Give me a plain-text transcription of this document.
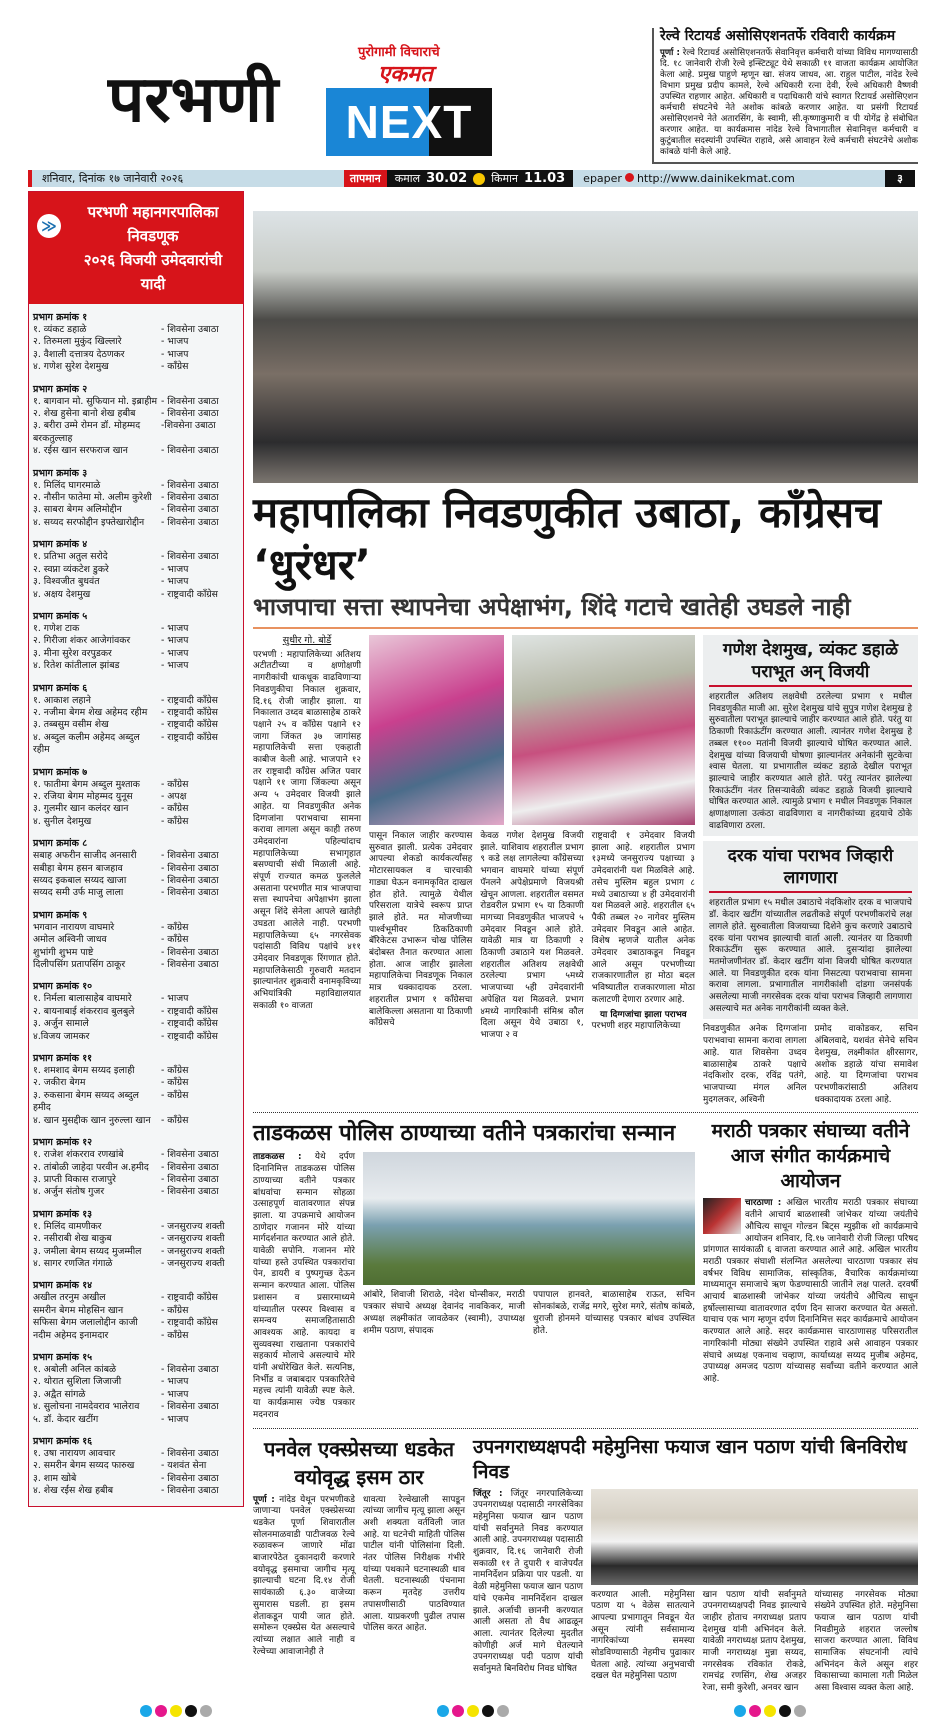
पुरोगामी विचाराचे
एकमत
परभणी	NEXT
रेल्वे रिटायर्ड असोसिएशनतर्फे रविवारी कार्यक्रम

पूर्णा : रेल्वे रिटायर्ड असोसिएशनतर्फे सेवानिवृत्त कर्मचारी यांच्या विविध मागण्यासाठी दि. १८ जानेवारी रोजी रेल्वे इन्स्टिट्यूट येथे सकाळी ११ वाजता कार्यक्रम आयोजित केला आहे. प्रमुख पाहुणे म्हणून खा. संजय जाधव, आ. राहुल पाटील, नांदेड रेल्वे विभाग प्रमुख प्रदीप कामले, रेल्वे अधिकारी रत्ना देवी, रेल्वे अधिकारी वैष्णवी उपस्थित राहणार आहेत. अधिकारी व पदाधिकारी यांचे स्वागत रिटायर्ड असोसिएशन कर्मचारी संघटनेचे नेते अशोक कांबळे करणार आहेत. या प्रसंगी रिटायर्ड असोसिएशनचे नेते अतारसिंग, के स्वामी, सी.कृष्णाकुमारी व पी योगेंद्र हे संबोधित करणार आहेत. या कार्यक्रमास नांदेड रेल्वे विभागातील सेवानिवृत्त कर्मचारी व कुटुंबातील सदस्यांनी उपस्थित राहावे, असे आवाहन रेल्वे कर्मचारी संघटनेचे अशोक कांबळे यांनी केले आहे.

शनिवार, दिनांक १७ जानेवारी २०२६	तापमान	कमाल 30.02 किमान 11.03	epaper http://www.dainikekmat.com	३
≫
परभणी महानगरपालिका निवडणूक
२०२६ विजयी उमेदवारांची यादी
प्रभाग क्रमांक १
१. व्यंकट डहाळे	- शिवसेना उबाठा
२. तिरुमला मुकुंद खिल्लारे	- भाजप
३. वैशाली दत्तात्रय देठणकर	- भाजप
४. गणेश सुरेश देशमुख	- काँग्रेस
प्रभाग क्रमांक २
१. बागवान मो. सुफियान मो. इब्राहीम - शिवसेना उबाठा
२. शेख हुसेना बानो शेख हबीब	- शिवसेना उबाठा
३. बरीरा उम्मे रोमन डॉ. मोहम्मद बरकतुल्लाह
-शिवसेना उबाठा
४. रईस खान सरफराज खान	- शिवसेना उबाठा
प्रभाग क्रमांक ३
१. मिलिंद घागरमाळे	- शिवसेना उबाठा
२. नौसीन फातेमा मो. अलीम कुरेशी - शिवसेना उबाठा
३. साबरा बेगम अलिमोद्दीन	- शिवसेना उबाठा
४. सय्यद सरफोद्दीन इफ्तेखारोद्दीन	- शिवसेना उबाठा
प्रभाग क्रमांक ४
१. प्रतिभा अतुल सरोदे	- शिवसेना उबाठा
२. स्वप्ना व्यंकटेश डुकरे	- भाजप
३. विश्वजीत बुधवंत	- भाजप
४. अक्षय देशमुख	- राष्ट्रवादी काँग्रेस
प्रभाग क्रमांक ५
१. गणेश टाक	- भाजप
२. गिरीजा शंकर आजेगांवकर	- भाजप
३. मीना सुरेश वरपुडकर	- भाजप
४. रितेश कांतीलाल झांबड	- भाजप
प्रभाग क्रमांक ६
१. आकाश लहाने	- राष्ट्रवादी काँग्रेस
२. नजीमा बेगम शेख अहेमद रहीम	- राष्ट्रवादी काँग्रेस
३. तब्बसुम वसीम शेख	- राष्ट्रवादी काँग्रेस
४. अब्दुल कलीम अहेमद अब्दुल रहीम
- राष्ट्रवादी काँग्रेस
प्रभाग क्रमांक ७
१. फातीमा बेगम अब्दुल मुश्ताक	- काँग्रेस
२. रजिया बेगम मोहम्मद युनूस	- अपक्ष
३. गुलमीर खान कलंदर खान	- काँग्रेस
४. सुनील देशमुख	- काँग्रेस
प्रभाग क्रमांक ८
सबाह अफरीन साजीद अनसारी	- शिवसेना उबाठा
सबीहा बेगम हसन बाजहाव	- शिवसेना उबाठा
सय्यद इकबाल सय्यद खाजा	- शिवसेना उबाठा
सय्यद समी उर्फ माजु लाला	- शिवसेना उबाठा
प्रभाग क्रमांक ९
भगवान नारायण वाघमारे	- काँग्रेस
अमोल अश्विनी जाधव	- काँग्रेस
शुभांगी शुभम पाष्टे	- शिवसेना उबाठा
दिलीपसिंग प्रतापसिंग ठाकूर	- शिवसेना उबाठा
प्रभाग क्रमांक १०
१. निर्मला बालासाहेब वाघमारे	- भाजप
२. बायनाबाई शंकरराव बुलबुले	- राष्ट्रवादी काँग्रेस
३. अर्जुन सामाले	- राष्ट्रवादी काँग्रेस
४.विजय जामकर	- राष्ट्रवादी काँग्रेस
प्रभाग क्रमांक ११
१. शमशाद बेगम सय्यद इलाही	- काँग्रेस
२. जकीरा बेगम	- काँग्रेस
३. रुकसाना बेगम सय्यद अब्दुल हमीद
- काँग्रेस
४. खान मुसद्दीक खान नुरुल्ला खान	- काँग्रेस
प्रभाग क्रमांक १२
१. राजेश शंकरराव रणखांबे	- शिवसेना उबाठा
२. तांबोळी जाहेदा परवीन अ.हमीद	- शिवसेना उबाठा
३. प्राप्ती विकास राजापुरे	- शिवसेना उबाठा
४. अर्जुन संतोष गुजर	- शिवसेना उबाठा
प्रभाग क्रमांक १३
१. मिलिंद वामणीकर	- जनसुराज्य शक्ती
२. नसीराबी शेख बाकुब	- जनसुराज्य शक्ती
३. जमीला बेगम सय्यद मुजम्मील	- जनसुराज्य शक्ती
४. सागर रणजित गंगाळे	- जनसुराज्य शक्ती
प्रभाग क्रमांक १४
अखील तरनुम अखील	- राष्ट्रवादी काँग्रेस
समरीन बेगम मोहसिन खान	- काँग्रेस
सफिसा बेगम जलालोद्दीन काजी	- राष्ट्रवादी काँग्रेस
नदीम अहेमद इनामदार	- काँग्रेस
प्रभाग क्रमांक १५
१. अबोली अनिल कांबळे	- शिवसेना उबाठा
२. थोरात सुशिला जिजाजी	- भाजप
३. अद्वैत सांगळे	- भाजप
४. सुलोचना नामदेवराव भालेराव	- शिवसेना उबाठा
५. डॉ. केदार खटींग	- भाजप
प्रभाग क्रमांक १६
१. उषा नारायण आवचार	- शिवसेना उबाठा
२. समरीन बेगम सय्यद फारुख	- यशवंत सेना
३. शाम खोबे	- शिवसेना उबाठा
४. शेख रईस शेख हबीब	- शिवसेना उबाठा
महापालिका निवडणुकीत उबाठा, काँग्रेसच ‘धुरंधर’
भाजपाचा सत्ता स्थापनेचा अपेक्षाभंग, शिंदे गटाचे खातेही उघडले नाही
सुधीर गो. बोर्डे
परभणी : महापालिकेच्या अतिशय अटीतटीच्या व क्षणोक्षणी नागरीकांची धाकधूक वाढविणाऱ्या निवडणुकीचा निकाल शुक्रवार, दि.१६ रोजी जाहीर झाला. या निकालात उध्दव बाळासाहेब ठाकरे पक्षाने २५ व काँग्रेस पक्षाने १२ जागा जिंकत ३७ जागांसह महापालिकेची सत्ता एकहाती काबीज केली आहे. भाजपाने १२ तर राष्ट्रवादी काँग्रेस अजित पवार पक्षाने ११ जागा जिंकल्या असून अन्य ५ उमेदवार विजयी झाले आहेत. या निवडणुकीत अनेक दिग्गजांना पराभवाचा सामना करावा लागला असून काही तरुण उमेदवारांना पहिल्यांदाच महापालिकेच्या सभागृहात बसण्याची संधी मिळाली आहे. संपूर्ण राज्यात कमळ फुललेले असताना परभणीत मात्र भाजपाचा सत्ता स्थापनेचा अपेक्षाभंग झाला असून शिंदे सेनेला आपले खातेही उघडता आलेले नाही. परभणी महापालिकेच्या ६५ नगरसेवक पदांसाठी विविध पक्षांचे ४११ उमेदवार निवडणूक रिंगणात होते. महापालिकेसाठी गुरुवारी मतदान झाल्यानंतर शुक्रवारी वनामकृविच्या अभियांत्रिकी महाविद्यालयात सकाळी १० वाजता
पासून निकाल जाहीर करण्यास सुरुवात झाली. प्रत्येक उमेदवार आपल्या शेकडो कार्यकर्त्यांसह मोटारसायकल व चारचाकी गाड्या घेऊन वनामकृवित दाखल होत होते. त्यामुळे येथील परिसराला यात्रेचे स्वरूप प्राप्त झाले होते. मत मोजणीच्या पार्श्वभूमीवर ठिकठिकाणी बॅरिकेटस उभारून चोख पोलिस बंदोबस्त तैनात करण्यात आला होता. आज जाहीर झालेला महापालिकेचा निवडणूक निकाल मात्र धक्कादायक ठरला. शहरातील प्रभाग १ काँग्रेसचा बालेकिल्ला असताना या ठिकाणी काँग्रेसचे
केवळ गणेश देशमुख विजयी झाले. याशिवाय शहरातील प्रभाग ९ कडे लक्ष लागलेल्या काँग्रेसच्या भगवान वाघमारे यांच्या संपूर्ण पॅनलने अपेक्षेप्रमाणे विजयश्री खेचून आणला. शहरातील वसमत रोडवरील प्रभाग १५ या ठिकाणी मागच्या निवडणुकीत भाजपचे ५ उमेदवार निवडून आले होते. यावेळी मात्र या ठिकाणी २ ठिकाणी उबाठाने यश मिळवले. शहरातील अतिशय लक्षवेधी ठरलेल्या प्रभाग ५मध्ये भाजपाच्या ५ही उमेदवारांनी अपेक्षित यश मिळवले. प्रभाग ४मध्ये नागरिकांनी संमिश्र कौल दिला असून येथे उबाठा १, भाजपा २ व
राष्ट्रवादी १ उमेदवार विजयी झाला आहे. शहरातील प्रभाग १३मध्ये जनसुराज्य पक्षाच्या ३ उमेदवारांनी यश मिळविले आहे. तसेच मुस्लिम बहुल प्रभाग ८ मध्ये उबाठाच्या ४ ही उमेदवारांनी यश मिळवले आहे. शहरातील ६५ पैकी तब्बल २० नागेवर मुस्लिम उमेदवार निवडून आले आहेत. विशेष म्हणजे यातील अनेक उमेदवार उबाठाकडून निवडून आले असून परभणीच्या राजकारणातील हा मोठा बदल भविष्यातील राजकारणाला मोठा कलाटणी देणारा ठरणार आहे.
या दिग्गजांचा झाला पराभव
परभणी शहर महापालिकेच्या
गणेश देशमुख, व्यंकट डहाळे पराभूत अन् विजयी
शहरातील अतिशय लक्षवेधी ठरलेल्या प्रभाग १ मधील निवडणुकीत माजी आ. सुरेश देशमुख यांचे सुपुत्र गणेश देशमुख हे सुरुवातीला पराभूत झाल्याचे जाहीर करण्यात आले होते. परंतु या ठिकाणी रिकाऊंटींग करण्यात आली. त्यानंतर गणेश देशमुख हे तब्बल ११०० मतांनी विजयी झाल्याचे घोषित करण्यात आले. देशमुख यांच्या विजयाची घोषणा झाल्यानंतर अनेकांनी सुटकेचा श्वास घेतला. या प्रभागातील व्यंकट डहाळे देखील पराभूत झाल्याचे जाहीर करण्यात आले होते. परंतु त्यानंतर झालेल्या रिकाऊंटींग नंतर तिसऱ्यावेळी व्यंकट डहाळे विजयी झाल्याचे घोषित करण्यात आले. त्यामुळे प्रभाग १ मधील निवडणूक निकाल क्षणाक्षणाला उत्कंठा वाढविणारा व नागरीकांच्या हृदयाचे ठोके वाढविणारा ठरला.
दरक यांचा पराभव जिव्हारी लागणारा
शहरातील प्रभाग १५ मधील उबाठाचे नंदकिशोर दरक व भाजपाचे डॉ. केदार खटींग यांच्यातील लढतीकडे संपूर्ण परभणीकरांचे लक्ष लागले होते. सुरुवातीला विजयाच्या दिशेने कुच करणारे उबाठाचे दरक यांना पराभव झाल्याची वार्ता आली. त्यानंतर या ठिकाणी रिकाऊंटींग सुरू करण्यात आले. दुसऱ्यांदा झालेल्या मतमोजणीनंतर डॉ. केदार खटींग यांना विजयी घोषित करण्यात आले. या निवडणुकीत दरक यांना निसटत्या पराभवाचा सामना करावा लागला. प्रभागातील नागरीकांशी दांडगा जनसंपर्क असलेल्या माजी नगरसेवक दरक यांचा पराभव जिव्हारी लागणारा असल्याचे मत अनेक नागरीकांनी व्यक्त केले.
निवडणुकीत अनेक दिग्गजांना पराभवाचा सामना करावा लागला आहे. यात शिवसेना उध्दव बाळासाहेब ठाकरे पक्षाचे नंदकिशोर दरक, रविंद्र पतंगे, भाजपाच्या मंगल अनिल मुदगलकर, अश्विनी
प्रमोद वाकोडकर, सचिन अंबिलवादे, यशवंत सेनेचे सचिन देशमुख, लक्ष्मीकांत क्षीरसागर, अशोक डहाळे यांचा समावेश आहे. या दिग्गजांचा पराभव परभणीकरांसाठी अतिशय धक्कादायक ठरला आहे.
ताडकळस पोलिस ठाण्याच्या वतीने पत्रकारांचा सन्मान
ताडकळस : येथे दर्पण दिनानिमित्त ताडकळस पोलिस ठाण्याच्या वतीने पत्रकार बांधवांचा सन्मान सोहळा उत्साहपूर्ण वातावरणात संपन्न झाला. या उपक्रमाचे आयोजन ठाणेदार गजानन मोरे यांच्या मार्गदर्शनात करण्यात आले होते. यावेळी सपोनि. गजानन मोरे यांच्या हस्ते उपस्थित पत्रकारांचा पेन, डायरी व पुष्पगुच्छ देऊन सन्मान करण्यात आला. पोलिस प्रशासन व प्रसारमाध्यमे यांच्यातील परस्पर विश्वास व समन्वय समाजहितासाठी आवश्यक आहे. कायदा व सुव्यवस्था राखताना पत्रकारांचे सहकार्य मोलाचे असल्याचे मोरे यांनी अधोरेखित केले. सत्यनिष्ठ, निर्भीड व जबाबदार पत्रकारितेचे महत्त्व त्यांनी यावेळी स्पष्ट केले. या कार्यक्रमास ज्येष्ठ पत्रकार मदनराव
आंबोरे, शिवाजी शिराळे, नंदेश घोन्सीकर, मराठी पत्रकार संघाचे अध्यक्ष देवानंद नावकिकर, माजी अध्यक्ष लक्ष्मीकांत जावळेकर (स्वामी), उपाध्यक्ष शमीम पठाण, संपादक
पपापाल हानवते, बाळासाहेब राऊत, सचिन सोनकांबळे, राजेंद्र मगरे, सुरेश मगरे, संतोष कांबळे, धुराजी होनमने यांच्यासह पत्रकार बांधव उपस्थित होते.
मराठी पत्रकार संघाच्या वतीने
आज संगीत कार्यक्रमाचे आयोजन
चारठाणा : अखिल भारतीय मराठी पत्रकार संघाच्या वतीने आचार्य बाळशास्त्री जांभेकर यांच्या जयंतीचे औचित्य साधून गोल्डन बिट्स म्युझीक शो कार्यक्रमाचे आयोजन शनिवार, दि.१७ जानेवारी रोजी जिल्हा परिषद प्रांगणात सायंकाळी ६ वाजता करण्यात आले आहे. अखिल भारतीय मराठी पत्रकार संघाशी संलग्नित असलेल्या चारठाणा पत्रकार संघ वर्षभर विविध सामाजिक, सांस्कृतिक, वैचारिक कार्यक्रमांच्या माध्यमातून समाजाचे ऋण फेडण्यासाठी जातीने लक्ष पालते. दरवर्षी आचार्य बाळशास्त्री जांभेकर यांच्या जयंतीचे औचित्य साधून हर्षोल्लासाच्या वातावरणात दर्पण दिन साजरा करण्यात येत असतो. याचाच एक भाग म्हणून दर्पण दिनानिमित्त सदर कार्यक्रमाचे आयोजन करण्यात आले आहे. सदर कार्यक्रमास चारठाणासह परिसरातील नागरिकांनी मोठ्या संख्येने उपस्थित राहावे असे आवाहन पत्रकार संघाचे अध्यक्ष एकनाथ चव्हाण, कार्याध्यक्ष सय्यद मुजीब अहेमद, उपाध्यक्ष अमजद पठाण यांच्यासह सर्वांच्या वतीने करण्यात आले आहे.
पनवेल एक्स्प्रेसच्या धडकेत
वयोवृद्ध इसम ठार
पूर्णा : नांदेड येथून परभणीकडे जाणाऱ्या पनवेल एक्स्प्रेसच्या धडकेत पूर्णा शिवारातील सोलनमाळवाडी पाटीजवळ रेल्वे रुळावरून जाणारे मोंढा बाजारपेठेत दुकानदारी करणारे वयोवृद्ध इसमाचा जागीच मृत्यू झाल्याची घटना दि.१४ रोजी सायंकाळी ६.३० वाजेच्या सुमारास घडली. हा इसम शेताकडून पायी जात होते. समोरून एक्स्प्रेस येत असल्याचे त्यांच्या लक्षात आले नाही व रेल्वेच्या आवाजानेही ते
धावत्या रेल्वेखाली सापडून त्यांच्या जागीच मृत्यू झाला असून अशी शक्यता वर्तविली जात आहे. या घटनेची माहिती पोलिस पाटील यांनी पोलिसांना दिली. नंतर पोलिस निरीक्षक गंभीरे यांच्या पथकाने घटनास्थळी धाव घेतली. घटनास्थळी पंचनामा करून मृतदेह उत्तरीय तपासणीसाठी पाठविण्यात आला. याप्रकरणी पुढील तपास पोलिस करत आहेत.
उपनगराध्यक्षपदी महेमुनिसा फयाज खान पठाण यांची बिनविरोध निवड
जिंतूर : जिंतूर नगरपालिकेच्या उपनगराध्यक्ष पदासाठी नगरसेविका महेमुनिसा फयाज खान पठाण यांची सर्वानुमते निवड करण्यात आली आहे. उपनगराध्यक्ष पदासाठी शुक्रवार, दि.१६ जानेवारी रोजी सकाळी ११ ते दुपारी १ वाजेपर्यंत नामनिर्देशन प्रक्रिया पार पडली. या वेळी महेमुनिसा फयाज खान पठाण यांचे एकमेव नामनिर्देशन दाखल झाले. अर्जाची छाननी करण्यात आली असता तो वैध आढळून आला. त्यानंतर दिलेल्या मुदतीत कोणीही अर्ज मागे घेतल्याने उपनगराध्यक्ष पदी पठाण यांची सर्वानुमते बिनविरोध निवड घोषित
करण्यात आली. महेमुनिसा पठाण या ५ वेळेस सातत्याने आपल्या प्रभागातून निवडून येत असून त्यांनी सर्वसामान्य नागरिकांच्या समस्या सोडविण्यासाठी नेहमीच पुढाकार घेतला आहे. त्यांच्या अनुभवाची दखल घेत महेमुनिसा पठाण
खान पठाण यांची सर्वानुमते उपनगराध्यक्षपदी निवड झाल्याचे जाहीर होताच नगराध्यक्ष प्रताप देशमुख यांनी अभिनंदन केले. यावेळी नगराध्यक्ष प्रताप देशमुख, माजी नगराध्यक्ष मुन्ना सय्यद, नगरसेवक रविकांत रोकडे, रामचंद्र रणसिंग, शेख अजहर रेजा, समी कुरेशी, अनवर खान
यांच्यासह नगरसेवक मोठ्या संख्येने उपस्थित होते. महेमुनिसा फयाज खान पठाण यांची निवडीमुळे शहरात जल्लोष साजरा करण्यात आला. विविध सामाजिक संघटनांनी त्यांचे अभिनंदन केले असून शहर विकासाच्या कामाला गती मिळेल असा विश्वास व्यक्त केला आहे.
